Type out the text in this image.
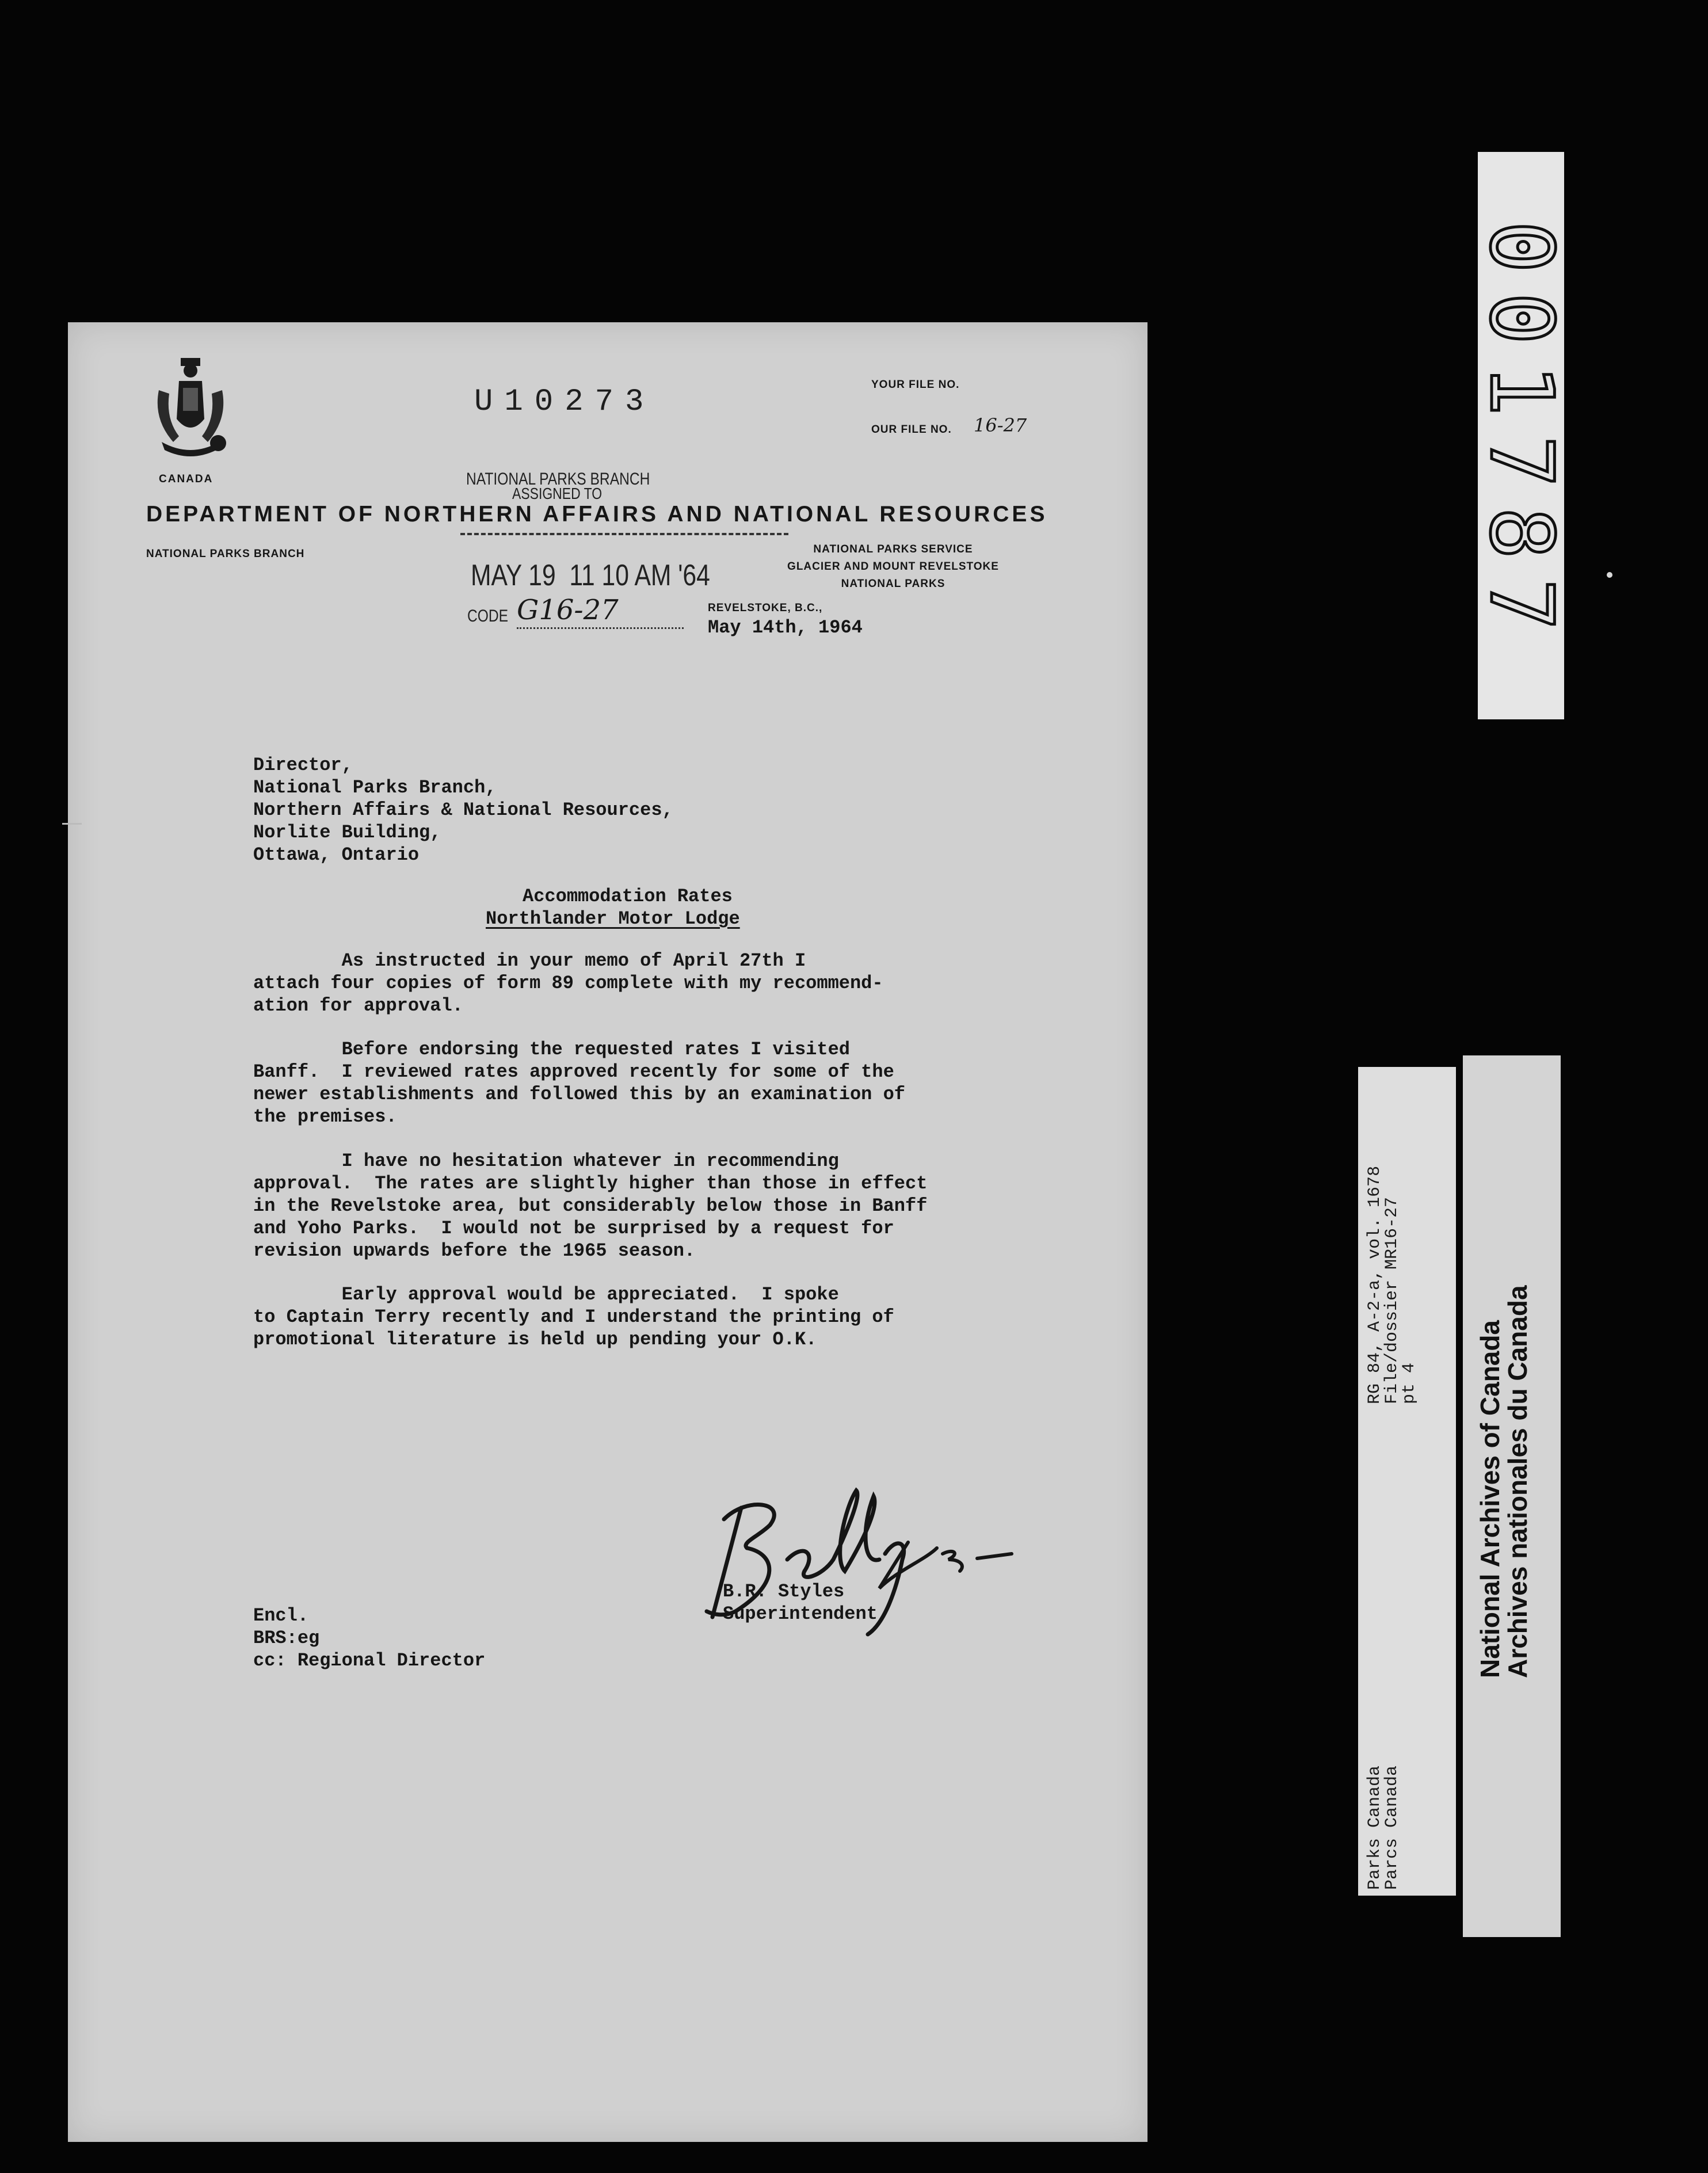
CANADA
U10273	YOUR FILE NO.
OUR FILE NO. 16-27
NATIONAL PARKS BRANCH
ASSIGNED TO
DEPARTMENT OF NORTHERN AFFAIRS AND NATIONAL RESOURCES
NATIONAL PARKS BRANCH	NATIONAL PARKS SERVICE
GLACIER AND MOUNT REVELSTOKE
NATIONAL PARKS
MAY 19  11 10 AM '64
CODE G16-27	REVELSTOKE, B.C.,
May 14th, 1964
Director,
National Parks Branch,
Northern Affairs & National Resources,
Norlite Building,
Ottawa, Ontario
Accommodation Rates
Northlander Motor Lodge
As instructed in your memo of April 27th I
attach four copies of form 89 complete with my recommend-
ation for approval.
Before endorsing the requested rates I visited
Banff.  I reviewed rates approved recently for some of the
newer establishments and followed this by an examination of
the premises.
I have no hesitation whatever in recommending
approval.  The rates are slightly higher than those in effect
in the Revelstoke area, but considerably below those in Banff
and Yoho Parks.  I would not be surprised by a request for
revision upwards before the 1965 season.
Early approval would be appreciated.  I spoke
to Captain Terry recently and I understand the printing of
promotional literature is held up pending your O.K.
B.R. Styles
Superintendent
Encl.
BRS:eg
cc: Regional Director
001787
RG 84, A-2-a, vol. 1678
File/dossier MR16-27
pt 4
Parks Canada
Parcs Canada
National Archives of Canada
Archives nationales du Canada
